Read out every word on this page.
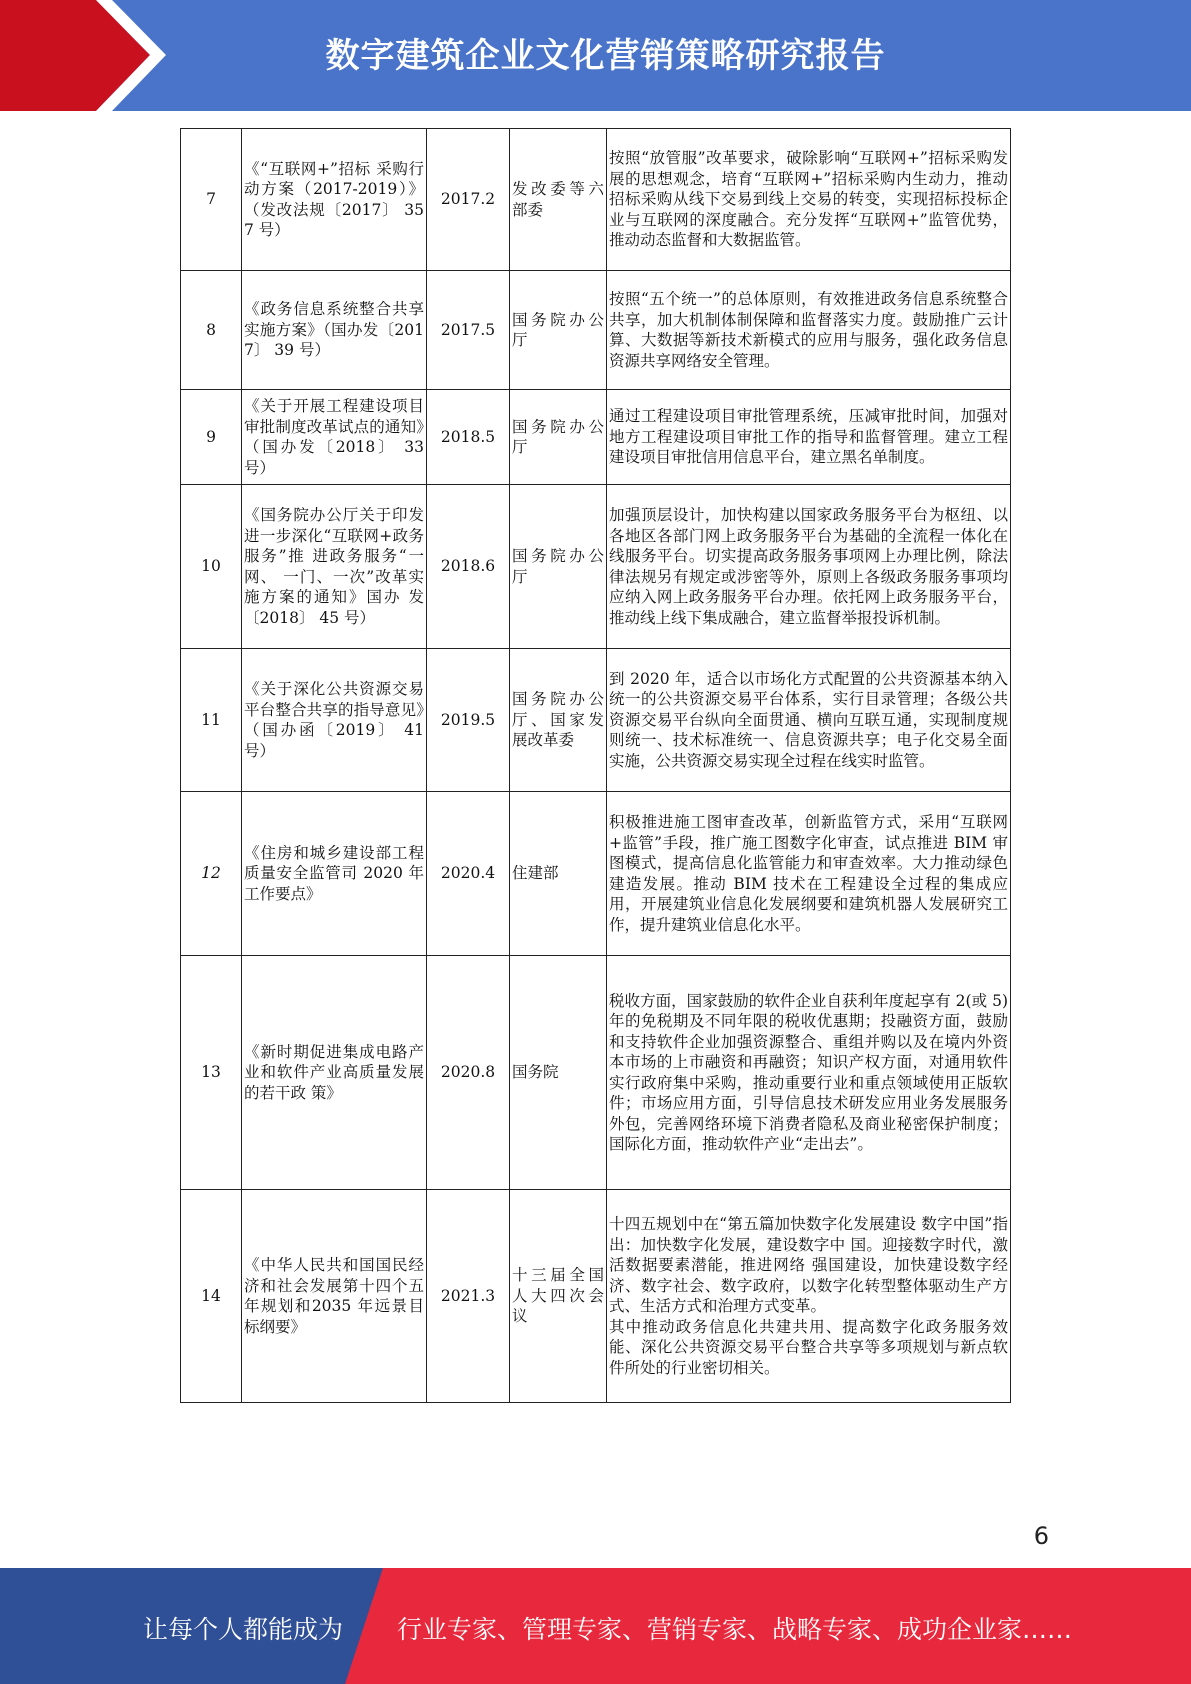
数字建筑企业文化营销策略研究报告
7	《“互联网+”招标 采购行动方案（2017-2019）》（发改法规〔2017〕 357 号）	2017.2	发改委等六部委	按照“放管服”改革要求，破除影响“互联网+”招标采购发展的思想观念，培育“互联网+”招标采购内生动力，推动招标采购从线下交易到线上交易的转变，实现招标投标企业与互联网的深度融合。充分发挥“互联网+”监管优势，推动动态监督和大数据监管。

8	《政务信息系统整合共享实施方案》（国办发〔2017〕 39 号）	2017.5	国务院办公厅	按照“五个统一”的总体原则，有效推进政务信息系统整合共享，加大机制体制保障和监督落实力度。鼓励推广云计算、大数据等新技术新模式的应用与服务，强化政务信息资源共享网络安全管理。

9	《关于开展工程建设项目审批制度改革试点的通知》（国办发〔2018〕 33 号）	2018.5	国务院办公厅	通过工程建设项目审批管理系统，压减审批时间，加强对地方工程建设项目审批工作的指导和监督管理。建立工程建设项目审批信用信息平台，建立黑名单制度。

10	《国务院办公厅关于印发进一步深化“互联网+政务服务”推 进政务服务“一网、 一门、一次”改革实 施方案的通知》国办 发〔2018〕 45 号）	2018.6	国务院办公厅	加强顶层设计，加快构建以国家政务服务平台为枢纽、以各地区各部门网上政务服务平台为基础的全流程一体化在线服务平台。切实提高政务服务事项网上办理比例，除法律法规另有规定或涉密等外，原则上各级政务服务事项均应纳入网上政务服务平台办理。依托网上政务服务平台，推动线上线下集成融合，建立监督举报投诉机制。

11	《关于深化公共资源交易平台整合共享的指导意见》（国办函〔2019〕 41 号）	2019.5	国务院办公厅、国家发展改革委	到 2020 年，适合以市场化方式配置的公共资源基本纳入统一的公共资源交易平台体系，实行目录管理；各级公共资源交易平台纵向全面贯通、横向互联互通，实现制度规则统一、技术标准统一、信息资源共享；电子化交易全面实施，公共资源交易实现全过程在线实时监管。

12	《住房和城乡建设部工程质量安全监管司 2020 年工作要点》	2020.4	住建部	积极推进施工图审查改革，创新监管方式，采用“互联网+监管”手段，推广施工图数字化审查，试点推进 BIM 审图模式，提高信息化监管能力和审查效率。大力推动绿色建造发展。推动 BIM 技术在工程建设全过程的集成应用，开展建筑业信息化发展纲要和建筑机器人发展研究工作，提升建筑业信息化水平。

13	《新时期促进集成电路产业和软件产业高质量发展的若干政 策》	2020.8	国务院	税收方面，国家鼓励的软件企业自获利年度起享有 2(或 5)年的免税期及不同年限的税收优惠期；投融资方面，鼓励和支持软件企业加强资源整合、重组并购以及在境内外资本市场的上市融资和再融资；知识产权方面，对通用软件实行政府集中采购，推动重要行业和重点领域使用正版软件；市场应用方面，引导信息技术研发应用业务发展服务外包，完善网络环境下消费者隐私及商业秘密保护制度；国际化方面，推动软件产业“走出去”。

14	《中华人民共和国国民经济和社会发展第十四个五年规划和2035 年远景目标纲要》	2021.3	十三届全国人大四次会议	十四五规划中在“第五篇加快数字化发展建设 数字中国”指出：加快数字化发展，建设数字中 国。迎接数字时代，激活数据要素潜能，推进网络 强国建设，加快建设数字经济、数字社会、数字政府，以数字化转型整体驱动生产方式、生活方式和治理方式变革。
其中推动政务信息化共建共用、提高数字化政务服务效能、深化公共资源交易平台整合共享等多项规划与新点软件所处的行业密切相关。
6
让每个人都能成为 行业专家、管理专家、营销专家、战略专家、成功企业家……
